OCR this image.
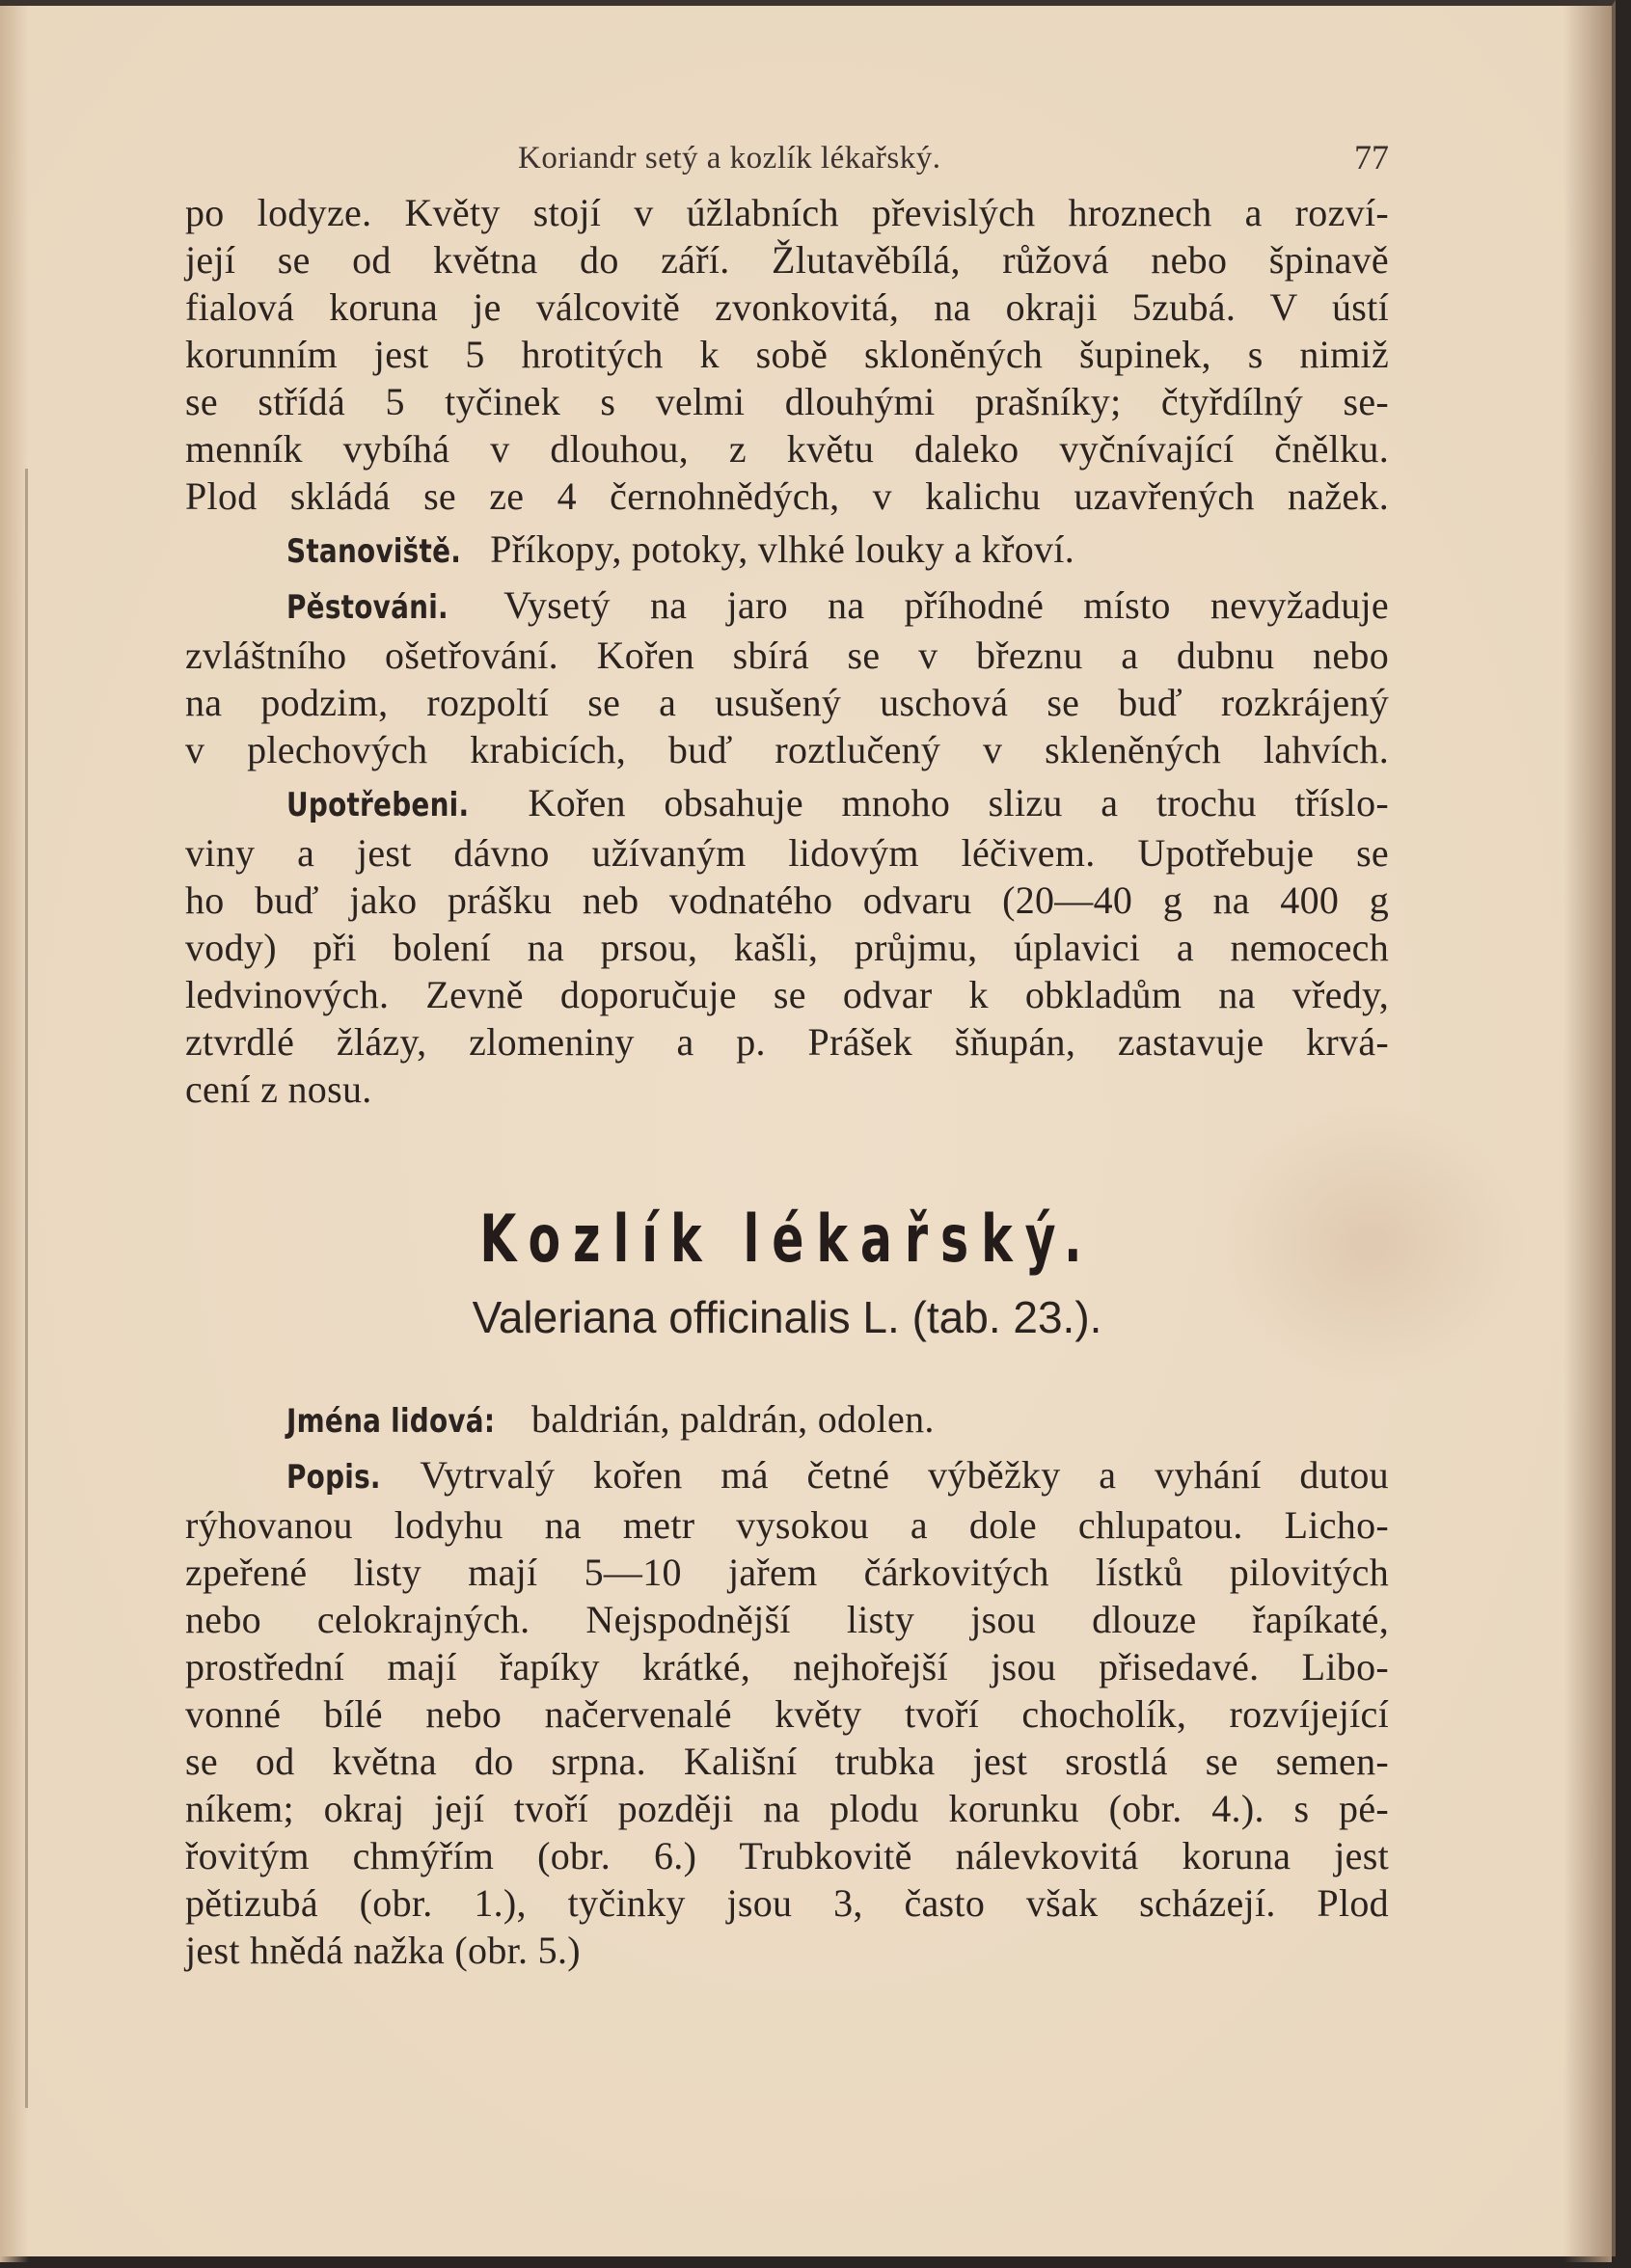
Koriandr setý a kozlík lékařský.	77
po lodyze. Květy stojí v úžlabních převislých hroznech a rozví-
její se od května do září. Žlutavěbílá, růžová nebo špinavě
fialová koruna je válcovitě zvonkovitá, na okraji 5zubá. V ústí
korunním jest 5 hrotitých k sobě skloněných šupinek, s nimiž
se střídá 5 tyčinek s velmi dlouhými prašníky; čtyřdílný se-
menník vybíhá v dlouhou, z květu daleko vyčnívající čnělku.
Plod skládá se ze 4 černohnědých, v kalichu uzavřených nažek.
Stanoviště. Příkopy, potoky, vlhké louky a křoví.
Pěstováni. Vysetý na jaro na příhodné místo nevyžaduje
zvláštního ošetřování. Kořen sbírá se v březnu a dubnu nebo
na podzim, rozpoltí se a usušený uschová se buď rozkrájený
v plechových krabicích, buď roztlučený v skleněných lahvích.
Upotřebeni. Kořen obsahuje mnoho slizu a trochu tříslo-
viny a jest dávno užívaným lidovým léčivem. Upotřebuje se
ho buď jako prášku neb vodnatého odvaru (20—40 g na 400 g
vody) při bolení na prsou, kašli, průjmu, úplavici a nemocech
ledvinových. Zevně doporučuje se odvar k obkladům na vředy,
ztvrdlé žlázy, zlomeniny a p. Prášek šňupán, zastavuje krvá-
cení z nosu.
Kozlík lékařský.
Valeriana officinalis L. (tab. 23.).
Jména lidová: baldrián, paldrán, odolen.
Popis. Vytrvalý kořen má četné výběžky a vyhání dutou
rýhovanou lodyhu na metr vysokou a dole chlupatou. Licho-
zpeřené listy mají 5—10 jařem čárkovitých lístků pilovitých
nebo celokrajných. Nejspodnější listy jsou dlouze řapíkaté,
prostřední mají řapíky krátké, nejhořejší jsou přisedavé. Libo-
vonné bílé nebo načervenalé květy tvoří chocholík, rozvíjející
se od května do srpna. Kališní trubka jest srostlá se semen-
níkem; okraj její tvoří později na plodu korunku (obr. 4.). s pé-
řovitým chmýřím (obr. 6.) Trubkovitě nálevkovitá koruna jest
pětizubá (obr. 1.), tyčinky jsou 3, často však scházejí. Plod
jest hnědá nažka (obr. 5.)
